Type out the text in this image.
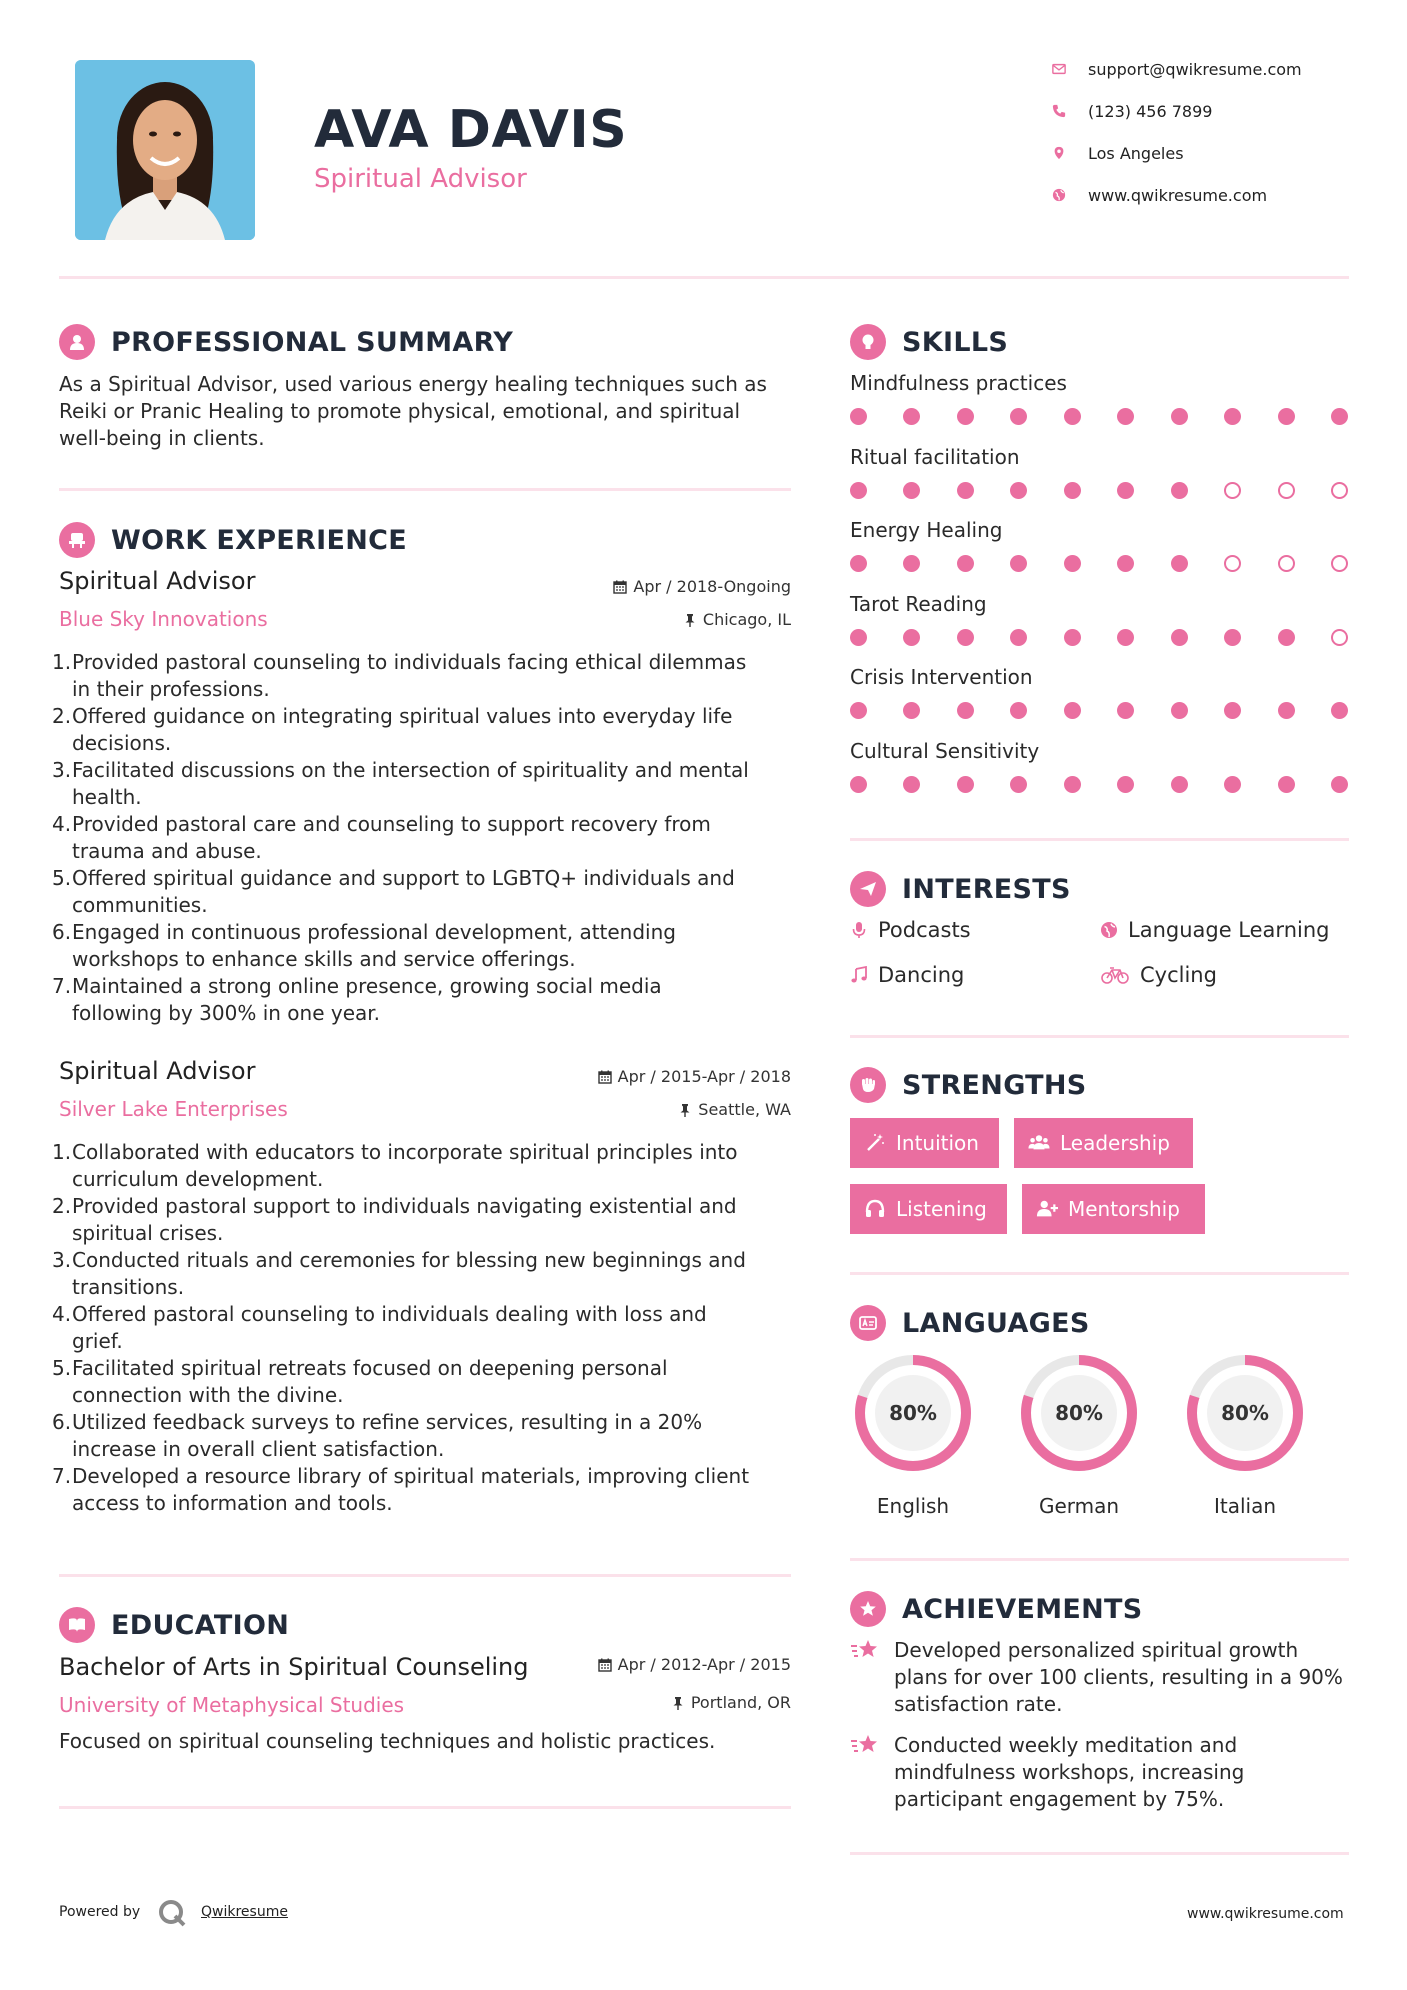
AVA DAVIS
Spiritual Advisor
support@qwikresume.com
(123) 456 7899
Los Angeles
www.qwikresume.com
PROFESSIONAL SUMMARY
As a Spiritual Advisor, used various energy healing techniques such as
Reiki or Pranic Healing to promote physical, emotional, and spiritual
well-being in clients.
WORK EXPERIENCE
Spiritual Advisor	Apr / 2018-Ongoing
Blue Sky Innovations	Chicago, IL
1. Provided pastoral counseling to individuals facing ethical dilemmas
in their professions.
2. Offered guidance on integrating spiritual values into everyday life
decisions.
3. Facilitated discussions on the intersection of spirituality and mental
health.
4. Provided pastoral care and counseling to support recovery from
trauma and abuse.
5. Offered spiritual guidance and support to LGBTQ+ individuals and
communities.
6. Engaged in continuous professional development, attending
workshops to enhance skills and service offerings.
7. Maintained a strong online presence, growing social media
following by 300% in one year.
Spiritual Advisor	Apr / 2015-Apr / 2018
Silver Lake Enterprises	Seattle, WA
1. Collaborated with educators to incorporate spiritual principles into
curriculum development.
2. Provided pastoral support to individuals navigating existential and
spiritual crises.
3. Conducted rituals and ceremonies for blessing new beginnings and
transitions.
4. Offered pastoral counseling to individuals dealing with loss and
grief.
5. Facilitated spiritual retreats focused on deepening personal
connection with the divine.
6. Utilized feedback surveys to refine services, resulting in a 20%
increase in overall client satisfaction.
7. Developed a resource library of spiritual materials, improving client
access to information and tools.
EDUCATION
Bachelor of Arts in Spiritual Counseling	Apr / 2012-Apr / 2015
University of Metaphysical Studies	Portland, OR
Focused on spiritual counseling techniques and holistic practices.
SKILLS
Mindfulness practices
Ritual facilitation
Energy Healing
Tarot Reading
Crisis Intervention
Cultural Sensitivity
INTERESTS
Podcasts	Language Learning
Dancing	Cycling
STRENGTHS
Intuition	Leadership
Listening	Mentorship
LANGUAGES
80%
English
80%
German
80%
Italian
ACHIEVEMENTS
Developed personalized spiritual growth
plans for over 100 clients, resulting in a 90%
satisfaction rate.
Conducted weekly meditation and
mindfulness workshops, increasing
participant engagement by 75%.
Powered by	Qwikresume	www.qwikresume.com
